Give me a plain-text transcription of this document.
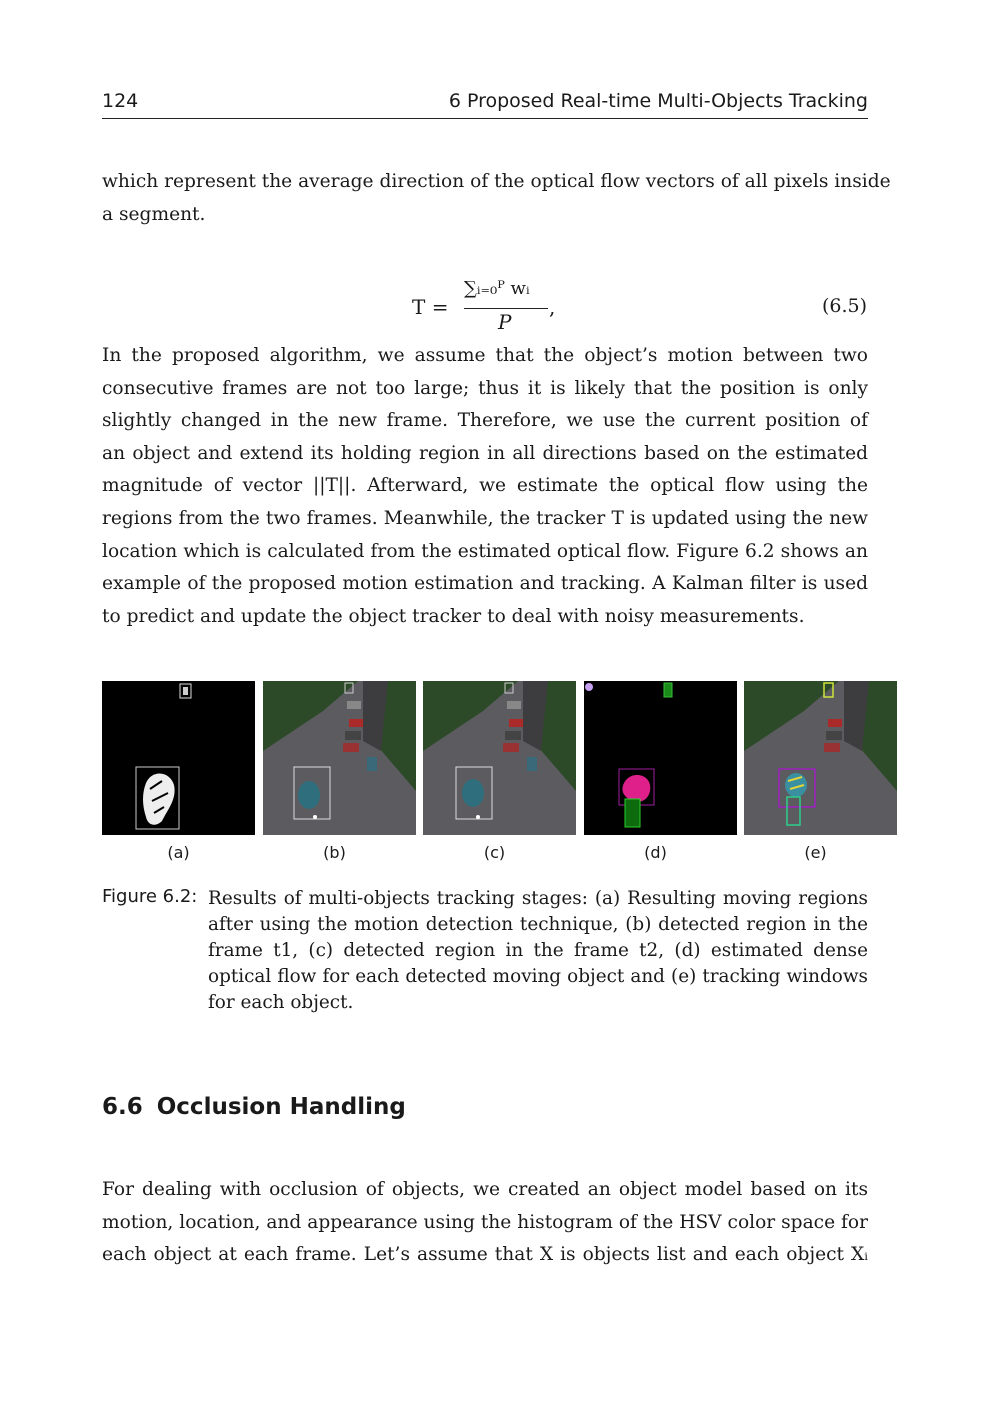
124	6 Proposed Real-time Multi-Objects Tracking
which represent the average direction of the optical flow vectors of all pixels inside
a segment.
T =
∑ᵢ₌₀ᴾ wᵢ
P
,	(6.5)
In the proposed algorithm, we assume that the object’s motion between two
consecutive frames are not too large; thus it is likely that the position is only
slightly changed in the new frame. Therefore, we use the current position of
an object and extend its holding region in all directions based on the estimated
magnitude of vector ||T||. Afterward, we estimate the optical flow using the
regions from the two frames. Meanwhile, the tracker T is updated using the new
location which is calculated from the estimated optical flow. Figure 6.2 shows an
example of the proposed motion estimation and tracking. A Kalman filter is used
to predict and update the object tracker to deal with noisy measurements.
(a)	(b)	(c)	(d)	(e)
Figure 6.2: Results of multi-objects tracking stages: (a) Resulting moving regions
after using the motion detection technique, (b) detected region in the
frame t1, (c) detected region in the frame t2, (d) estimated dense
optical flow for each detected moving object and (e) tracking windows
for each object.
6.6 Occlusion Handling
For dealing with occlusion of objects, we created an object model based on its
motion, location, and appearance using the histogram of the HSV color space for
each object at each frame. Let’s assume that X is objects list and each object Xᵢ
